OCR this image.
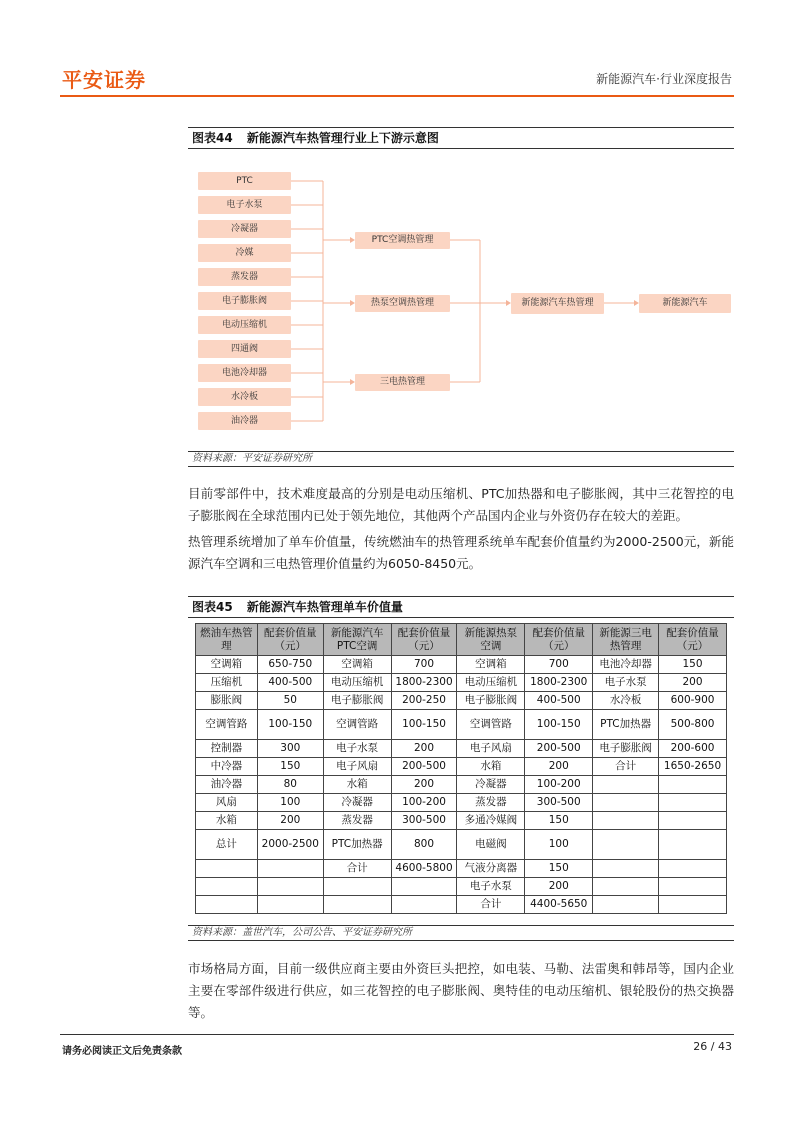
平安证券	新能源汽车·行业深度报告
图表44 新能源汽车热管理行业上下游示意图
PTC
电子水泵
冷凝器
冷媒
蒸发器
电子膨胀阀
电动压缩机
四通阀
电池冷却器
水冷板
油冷器
PTC空调热管理
热泵空调热管理
三电热管理
新能源汽车热管理	新能源汽车
资料来源：平安证券研究所
目前零部件中，技术难度最高的分别是电动压缩机、PTC加热器和电子膨胀阀，其中三花智控的电子膨胀阀在全球范围内已处于领先地位，其他两个产品国内企业与外资仍存在较大的差距。
热管理系统增加了单车价值量，传统燃油车的热管理系统单车配套价值量约为2000-2500元，新能源汽车空调和三电热管理价值量约为6050-8450元。
图表45 新能源汽车热管理单车价值量
燃油车热管理	配套价值量（元）	新能源汽车PTC空调	配套价值量（元）	新能源热泵空调	配套价值量（元）	新能源三电热管理	配套价值量（元）
空调箱	650-750	空调箱	700	空调箱	700	电池冷却器	150
压缩机	400-500	电动压缩机	1800-2300	电动压缩机	1800-2300	电子水泵	200
膨胀阀	50	电子膨胀阀	200-250	电子膨胀阀	400-500	水冷板	600-900
空调管路	100-150	空调管路	100-150	空调管路	100-150	PTC加热器	500-800
控制器	300	电子水泵	200	电子风扇	200-500	电子膨胀阀	200-600
中冷器	150	电子风扇	200-500	水箱	200	合计	1650-2650
油冷器	80	水箱	200	冷凝器	100-200		
风扇	100	冷凝器	100-200	蒸发器	300-500		
水箱	200	蒸发器	300-500	多通冷媒阀	150		
总计	2000-2500	PTC加热器	800	电磁阀	100		
		合计	4600-5800	气液分离器	150		
				电子水泵	200		
				合计	4400-5650		
资料来源：盖世汽车，公司公告、平安证券研究所
市场格局方面，目前一级供应商主要由外资巨头把控，如电装、马勒、法雷奥和韩昂等，国内企业主要在零部件级进行供应，如三花智控的电子膨胀阀、奥特佳的电动压缩机、银轮股份的热交换器等。
请务必阅读正文后免责条款	26 / 43
